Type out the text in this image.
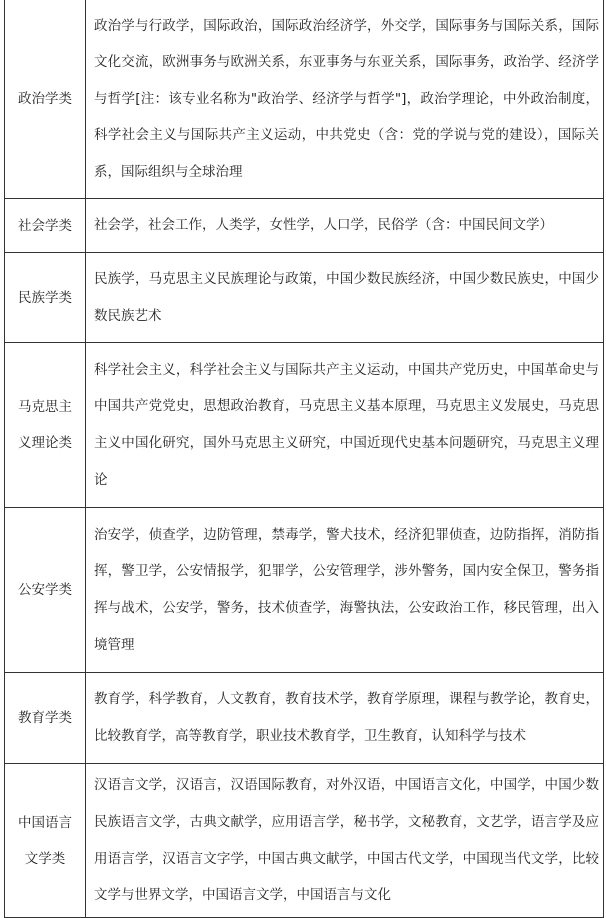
政治学类	政治学与行政学，国际政治，国际政治经济学，外交学，国际事务与国际关系，国际文化交流，欧洲事务与欧洲关系，东亚事务与东亚关系，国际事务，政治学、经济学与哲学[注：该专业名称为"政治学、经济学与哲学"]，政治学理论，中外政治制度，科学社会主义与国际共产主义运动，中共党史（含：党的学说与党的建设），国际关系，国际组织与全球治理

社会学类	社会学，社会工作，人类学，女性学，人口学，民俗学（含：中国民间文学）

民族学类	民族学，马克思主义民族理论与政策，中国少数民族经济，中国少数民族史，中国少数民族艺术

马克思主义理论类	科学社会主义，科学社会主义与国际共产主义运动，中国共产党历史，中国革命史与中国共产党党史，思想政治教育，马克思主义基本原理，马克思主义发展史，马克思主义中国化研究，国外马克思主义研究，中国近现代史基本问题研究，马克思主义理论

公安学类	治安学，侦查学，边防管理，禁毒学，警犬技术，经济犯罪侦查，边防指挥，消防指挥，警卫学，公安情报学，犯罪学，公安管理学，涉外警务，国内安全保卫，警务指挥与战术，公安学，警务，技术侦查学，海警执法，公安政治工作，移民管理，出入境管理

教育学类	教育学，科学教育，人文教育，教育技术学，教育学原理，课程与教学论，教育史，比较教育学，高等教育学，职业技术教育学，卫生教育，认知科学与技术

中国语言文学类	汉语言文学，汉语言，汉语国际教育，对外汉语，中国语言文化，中国学，中国少数民族语言文学，古典文献学，应用语言学，秘书学，文秘教育，文艺学，语言学及应用语言学，汉语言文字学，中国古典文献学，中国古代文学，中国现当代文学，比较文学与世界文学，中国语言文学，中国语言与文化
